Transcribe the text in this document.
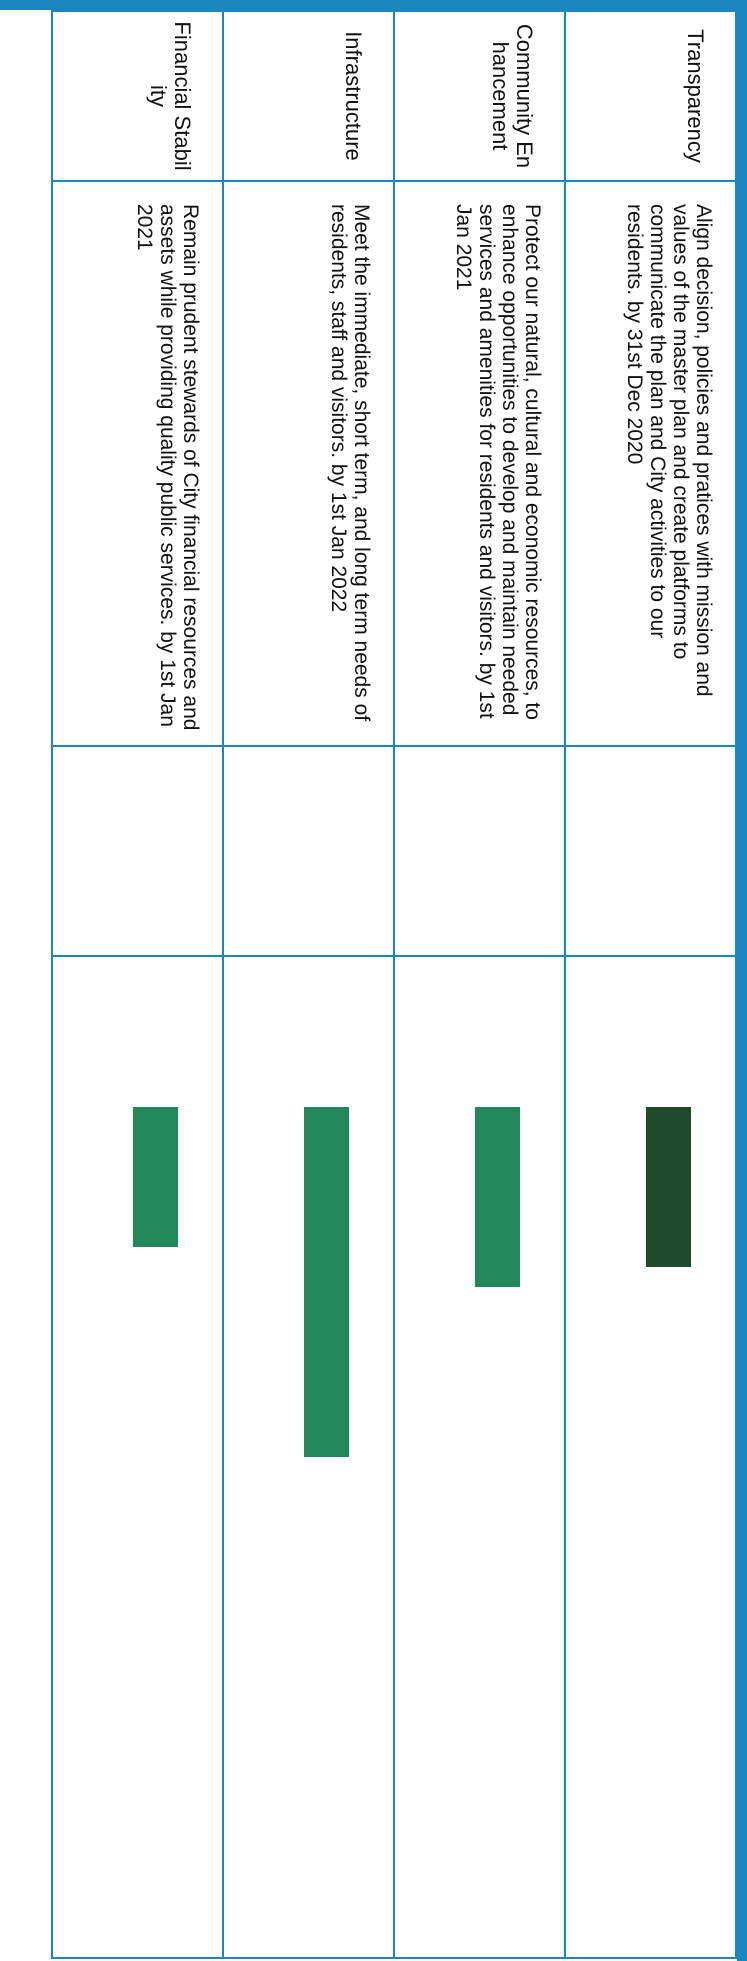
Transparency	Align decision, policies and pratices with mission and values of the master plan and create platforms to communicate the plan and City activities to our residents. by 31st Dec 2020		

Community Enhancement	Protect our natural, cultural and economic resources, to enhance opportunities to develop and maintain needed services and amenities for residents and visitors. by 1st Jan 2021		

Infrastructure	Meet the immediate, short term, and long term needs of residents, staff and visitors. by 1st Jan 2022		

Financial Stability	Remain prudent stewards of City financial resources and assets while providing quality public services. by 1st Jan 2021		
